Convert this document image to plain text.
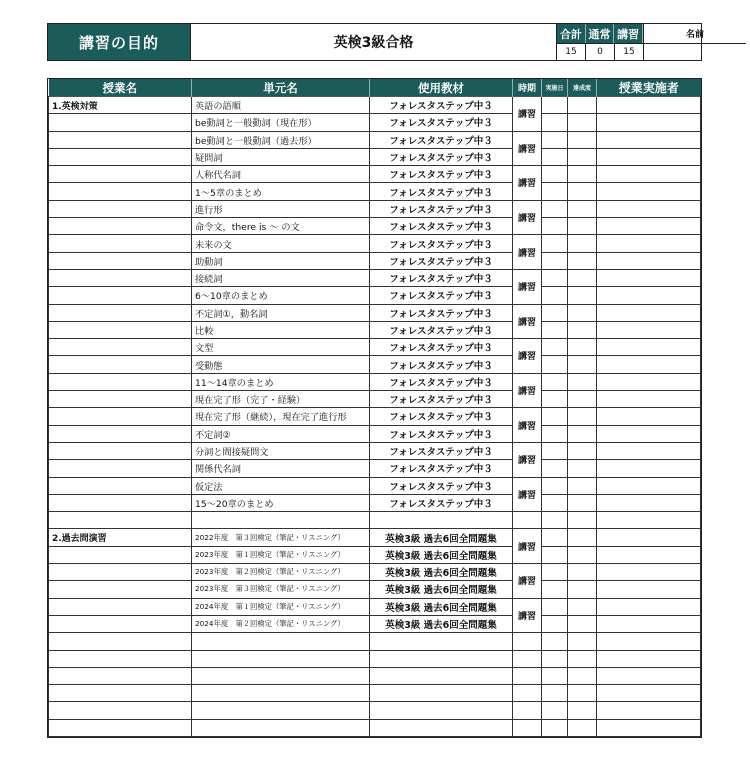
講習の目的	英検3級合格
合計 通常 講習
15	0	15
名前
授業名	単元名	使用教材	時期	実施日	達成度	授業実施者
1.英検対策	英語の語順	フォレスタステップ中３	講習			
	be動詞と一般動詞（現在形）	フォレスタステップ中３				
	be動詞と一般動詞（過去形）	フォレスタステップ中３	講習			
	疑問詞	フォレスタステップ中３				
	人称代名詞	フォレスタステップ中３	講習			
	1～5章のまとめ	フォレスタステップ中３				
	進行形	フォレスタステップ中３	講習			
	命令文，there is ～ の文	フォレスタステップ中３				
	未来の文	フォレスタステップ中３	講習			
	助動詞	フォレスタステップ中３				
	接続詞	フォレスタステップ中３	講習			
	6～10章のまとめ	フォレスタステップ中３				
	不定詞①，動名詞	フォレスタステップ中３	講習			
	比較	フォレスタステップ中３				
	文型	フォレスタステップ中３	講習			
	受動態	フォレスタステップ中３				
	11～14章のまとめ	フォレスタステップ中３	講習			
	現在完了形（完了・経験）	フォレスタステップ中３				
	現在完了形（継続），現在完了進行形	フォレスタステップ中３	講習			
	不定詞②	フォレスタステップ中３				
	分詞と間接疑問文	フォレスタステップ中３	講習			
	関係代名詞	フォレスタステップ中３				
	仮定法	フォレスタステップ中３	講習			
	15～20章のまとめ	フォレスタステップ中３				

2.過去問演習	2022年度　第３回検定（筆記・リスニング）	英検3級 過去6回全問題集	講習			
	2023年度　第１回検定（筆記・リスニング）	英検3級 過去6回全問題集				
	2023年度　第２回検定（筆記・リスニング）	英検3級 過去6回全問題集	講習			
	2023年度　第３回検定（筆記・リスニング）	英検3級 過去6回全問題集				
	2024年度　第１回検定（筆記・リスニング）	英検3級 過去6回全問題集	講習			
	2024年度　第２回検定（筆記・リスニング）	英検3級 過去6回全問題集				
